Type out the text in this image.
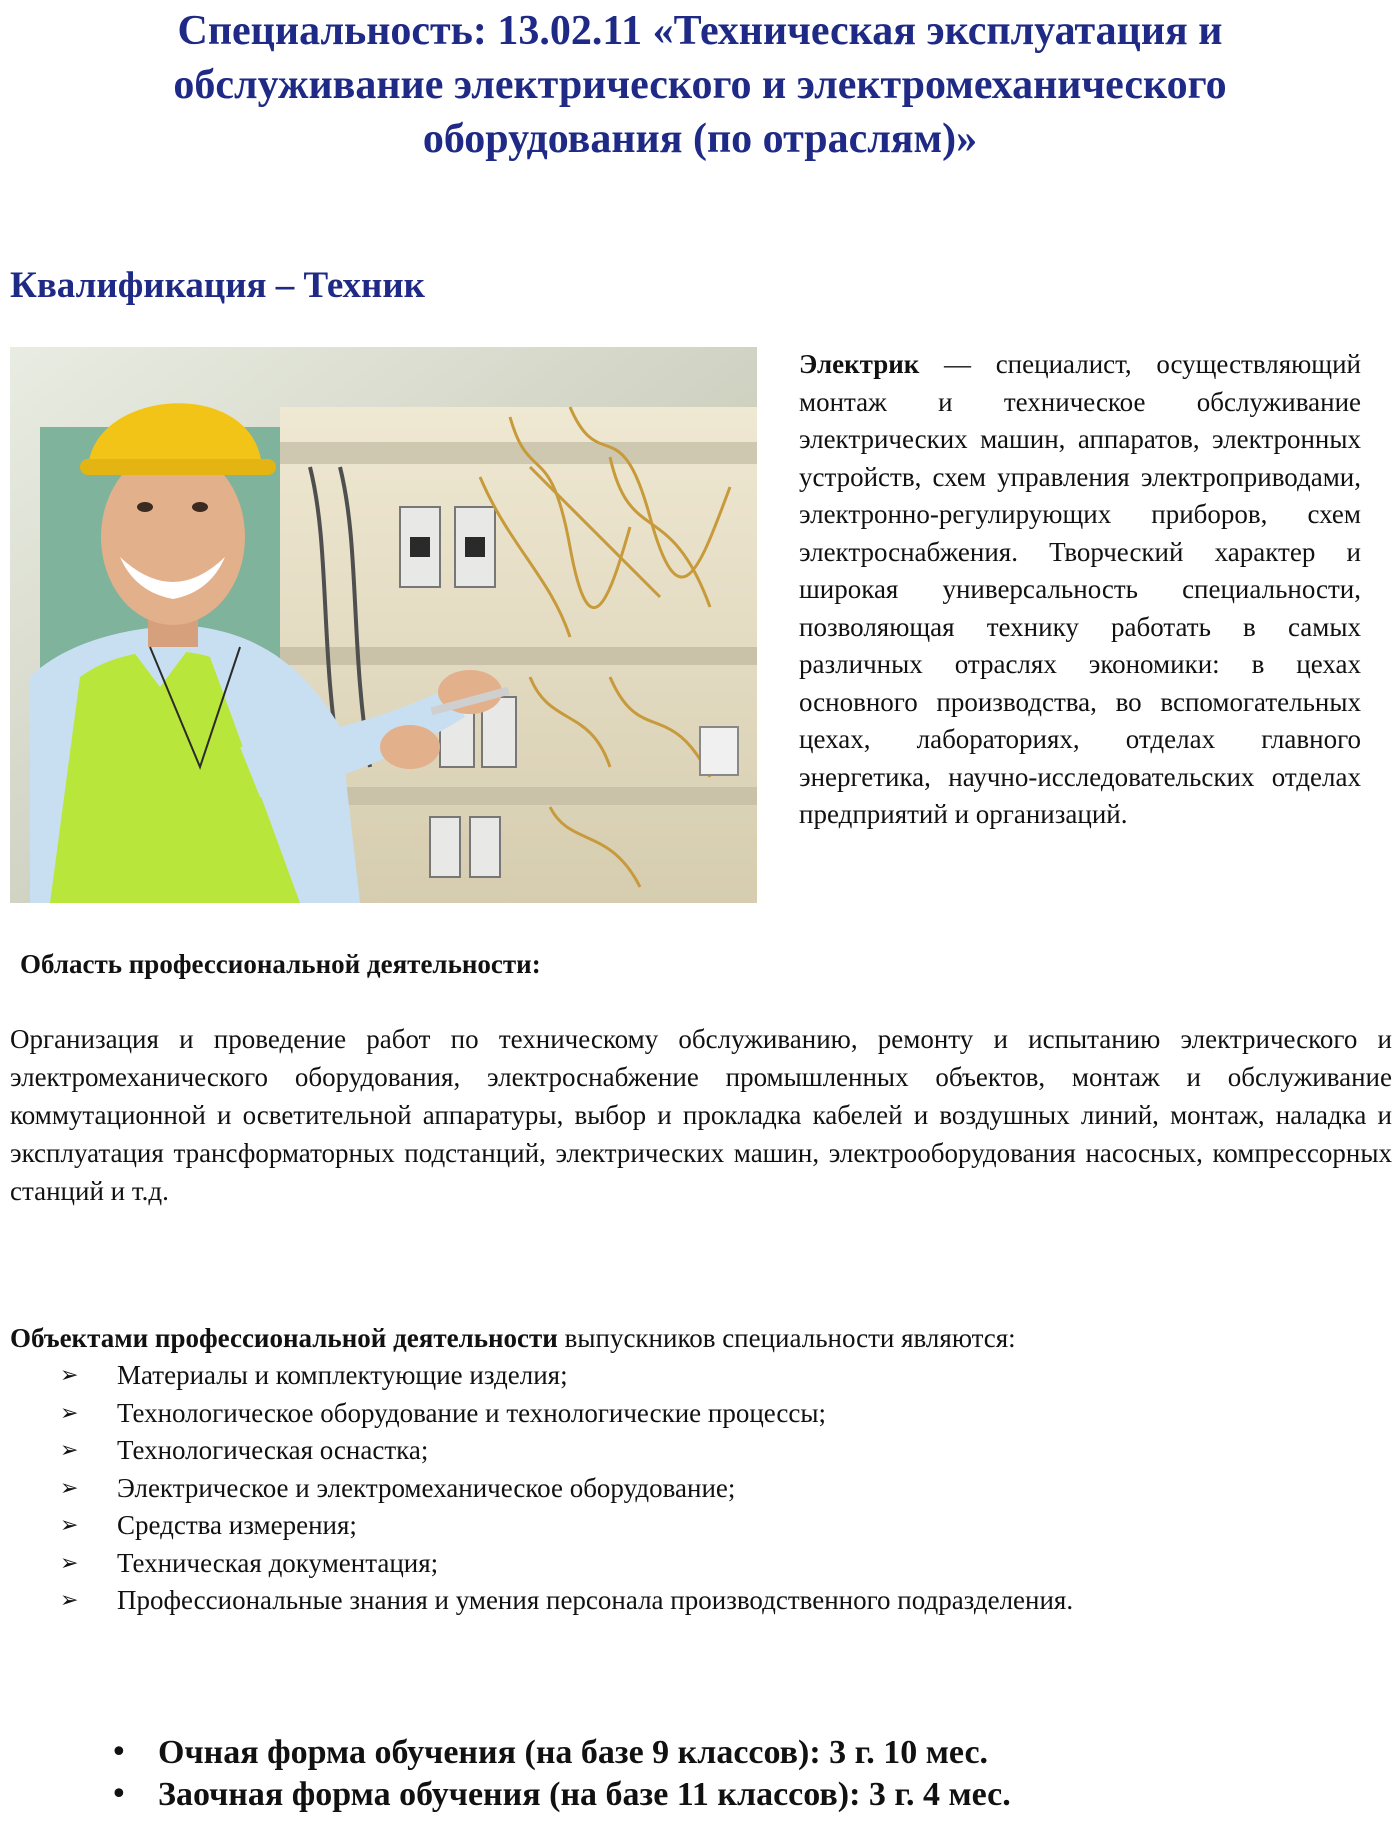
Специальность: 13.02.11 «Техническая эксплуатация и обслуживание электрического и электромеханического оборудования (по отраслям)»
Квалификация – Техник

Электрик — специалист, осуществляющий монтаж и техническое обслуживание электрических машин, аппаратов, электронных устройств, схем управления электроприводами, электронно-регулирующих приборов, схем электроснабжения. Творческий характер и широкая универсальность специальности, позволяющая технику работать в самых различных отраслях экономики: в цехах основного производства, во вспомогательных цехах, лабораториях, отделах главного энергетика, научно-исследовательских отделах предприятий и организаций.

Область профессиональной деятельности:

Организация и проведение работ по техническому обслуживанию, ремонту и испытанию электрического и электромеханического оборудования, электроснабжение промышленных объектов, монтаж и обслуживание коммутационной и осветительной аппаратуры, выбор и прокладка кабелей и воздушных линий, монтаж, наладка и эксплуатация трансформаторных подстанций, электрических машин, электрооборудования насосных, компрессорных станций и т.д.

Объектами профессиональной деятельности выпускников специальности являются:

➢ Материалы и комплектующие изделия;
➢ Технологическое оборудование и технологические процессы;
➢ Технологическая оснастка;
➢ Электрическое и электромеханическое оборудование;
➢ Средства измерения;
➢ Техническая документация;
➢ Профессиональные знания и умения персонала производственного подразделения.
• Очная форма обучения (на базе 9 классов): 3 г. 10 мес.
• Заочная форма обучения (на базе 11 классов): 3 г. 4 мес.
